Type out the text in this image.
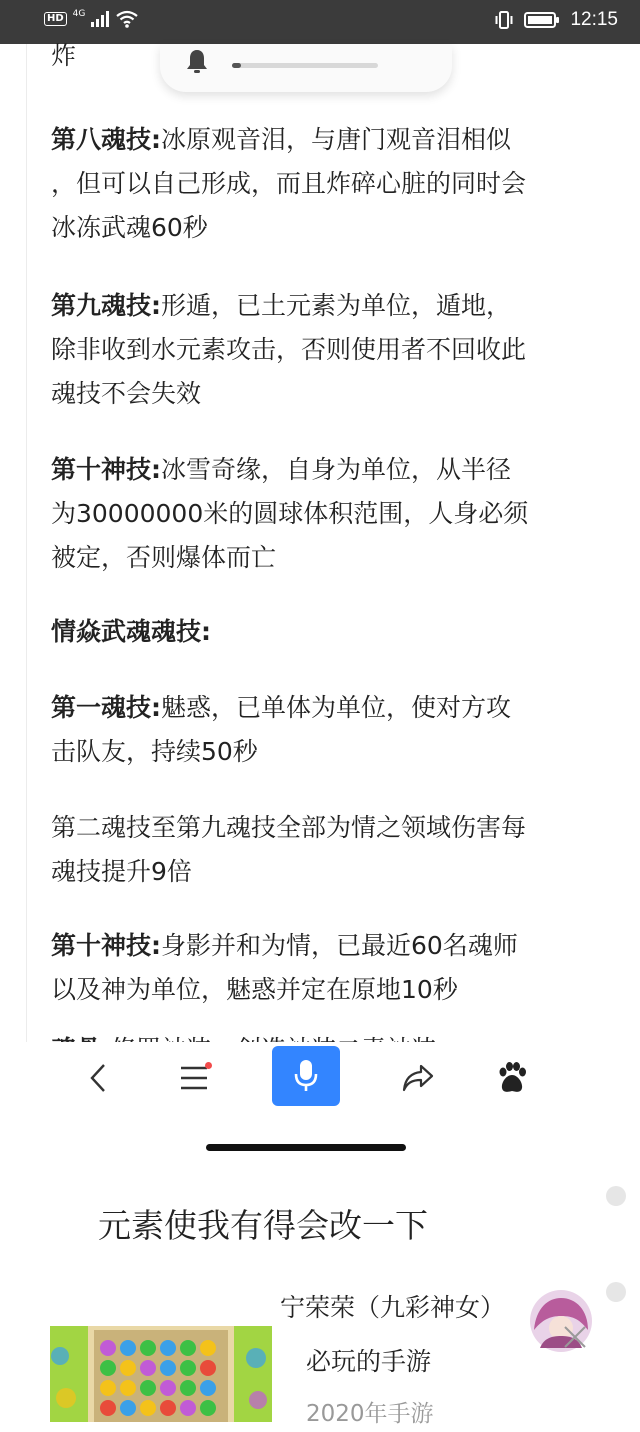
HD	4G	12:15
炸
第八魂技:冰原观音泪，与唐门观音泪相似
，但可以自己形成，而且炸碎心脏的同时会
冰冻武魂60秒
第九魂技:形遁，已土元素为单位，遁地，
除非收到水元素攻击，否则使用者不回收此
魂技不会失效
第十神技:冰雪奇缘，自身为单位，从半径
为30000000米的圆球体积范围，人身必须
被定，否则爆体而亡
情焱武魂魂技:
第一魂技:魅惑，已单体为单位，使对方攻
击队友，持续50秒
第二魂技至第九魂技全部为情之领域伤害每
魂技提升9倍
第十神技:身影并和为情，已最近60名魂师
以及神为单位，魅惑并定在原地10秒
元素使我有得会改一下
宁荣荣（九彩神女）
必玩的手游
2020年手游
